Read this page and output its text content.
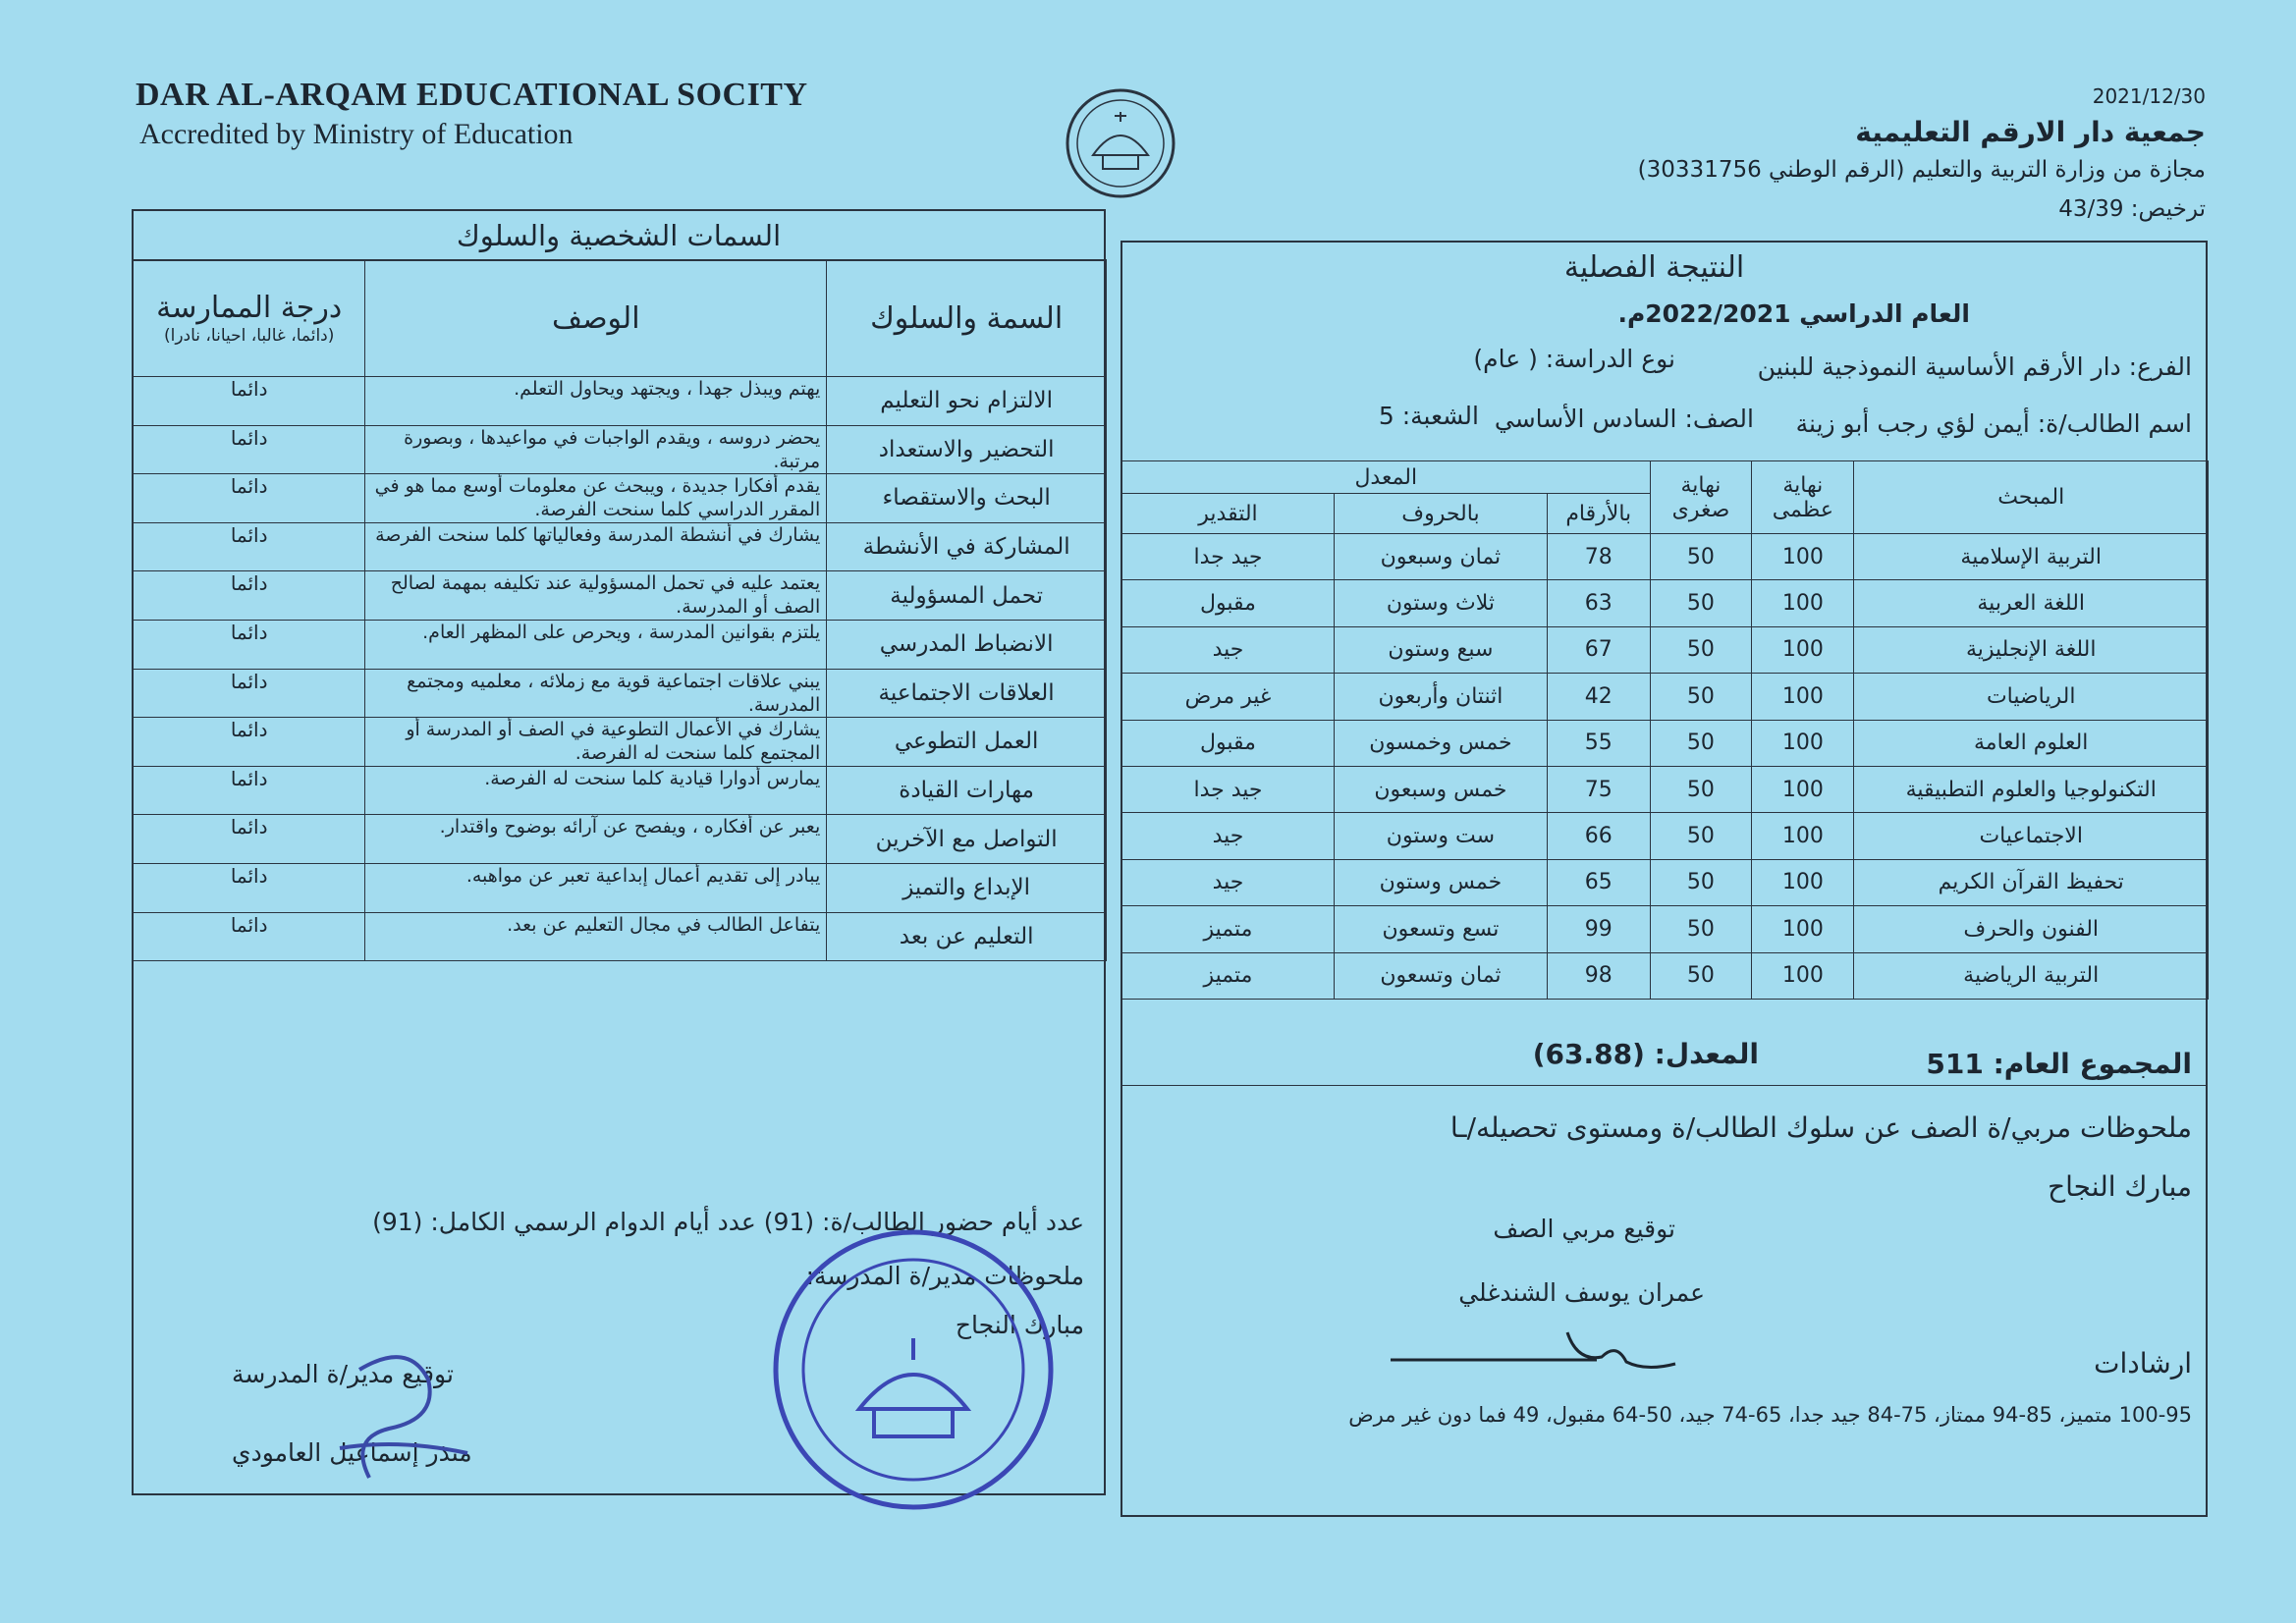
DAR AL-ARQAM EDUCATIONAL SOCITY
Accredited by Ministry of Education
2021/12/30
جمعية دار الارقم التعليمية
مجازة من وزارة التربية والتعليم (الرقم الوطني 30331756)
ترخيص: 43/39
السمات الشخصية والسلوك
السمة والسلوك	الوصف	درجة الممارسة
(دائما، غالبا، احيانا، نادرا)

الالتزام نحو التعليم	يهتم ويبذل جهدا ، ويجتهد ويحاول التعلم.	دائما
التحضير والاستعداد	يحضر دروسه ، ويقدم الواجبات في مواعيدها ، وبصورة مرتبة.	دائما
البحث والاستقصاء	يقدم أفكارا جديدة ، ويبحث عن معلومات أوسع مما هو في المقرر الدراسي كلما سنحت الفرصة.	دائما
المشاركة في الأنشطة	يشارك في أنشطة المدرسة وفعالياتها كلما سنحت الفرصة	دائما
تحمل المسؤولية	يعتمد عليه في تحمل المسؤولية عند تكليفه بمهمة لصالح الصف أو المدرسة.	دائما
الانضباط المدرسي	يلتزم بقوانين المدرسة ، ويحرص على المظهر العام.	دائما
العلاقات الاجتماعية	يبني علاقات اجتماعية قوية مع زملائه ، معلميه ومجتمع المدرسة.	دائما
العمل التطوعي	يشارك في الأعمال التطوعية في الصف أو المدرسة أو المجتمع كلما سنحت له الفرصة.	دائما
مهارات القيادة	يمارس أدوارا قيادية كلما سنحت له الفرصة.	دائما
التواصل مع الآخرين	يعبر عن أفكاره ، ويفصح عن آرائه بوضوح واقتدار.	دائما
الإبداع والتميز	يبادر إلى تقديم أعمال إبداعية تعبر عن مواهبه.	دائما
التعليم عن بعد	يتفاعل الطالب في مجال التعليم عن بعد.	دائما
عدد أيام حضور الطالب/ة: (91) عدد أيام الدوام الرسمي الكامل: (91)
ملحوظات مدير/ة المدرسة:
مبارك النجاح
توقيع مدير/ة المدرسة
منذر إسماعيل العامودي
النتيجة الفصلية
العام الدراسي 2022/2021م.
الفرع: دار الأرقم الأساسية النموذجية للبنين
نوع الدراسة: ( عام)
اسم الطالب/ة: أيمن لؤي رجب أبو زينة
الصف: السادس الأساسي
الشعبة: 5
المبحث	نهاية عظمى	نهاية صغرى	المعدل		
			بالأرقام	بالحروف	التقدير
التربية الإسلامية	100	50	78	ثمان وسبعون	جيد جدا
اللغة العربية	100	50	63	ثلاث وستون	مقبول
اللغة الإنجليزية	100	50	67	سبع وستون	جيد
الرياضيات	100	50	42	اثنتان وأربعون	غير مرض
العلوم العامة	100	50	55	خمس وخمسون	مقبول
التكنولوجيا والعلوم التطبيقية	100	50	75	خمس وسبعون	جيد جدا
الاجتماعيات	100	50	66	ست وستون	جيد
تحفيظ القرآن الكريم	100	50	65	خمس وستون	جيد
الفنون والحرف	100	50	99	تسع وتسعون	متميز
التربية الرياضية	100	50	98	ثمان وتسعون	متميز
المجموع العام: 511
المعدل: (63.88)
ملحوظات مربي/ة الصف عن سلوك الطالب/ة ومستوى تحصيله/ـا
مبارك النجاح
توقيع مربي الصف
عمران يوسف الشندغلي
ارشادات
100-95 متميز، 85-94 ممتاز، 75-84 جيد جدا، 65-74 جيد، 50-64 مقبول، 49 فما دون غير مرض
